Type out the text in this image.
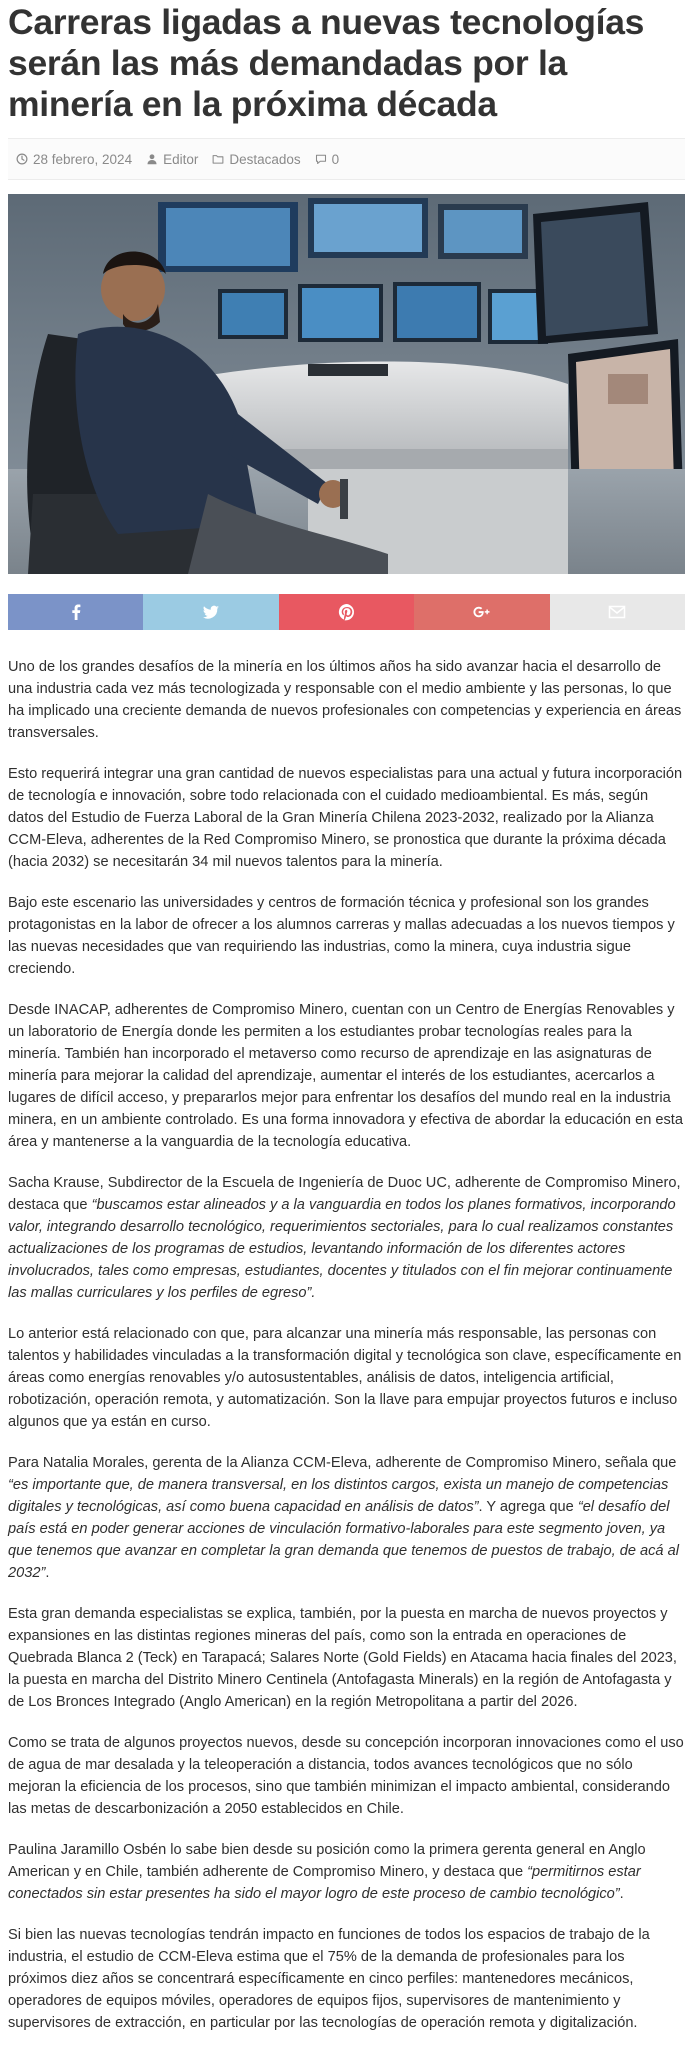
Carreras ligadas a nuevas tecnologías serán las más demandadas por la minería en la próxima década
28 febrero, 2024 Editor Destacados 0

Uno de los grandes desafíos de la minería en los últimos años ha sido avanzar hacia el desarrollo de una industria cada vez más tecnologizada y responsable con el medio ambiente y las personas, lo que ha implicado una creciente demanda de nuevos profesionales con competencias y experiencia en áreas transversales.

Esto requerirá integrar una gran cantidad de nuevos especialistas para una actual y futura incorporación de tecnología e innovación, sobre todo relacionada con el cuidado medioambiental. Es más, según datos del Estudio de Fuerza Laboral de la Gran Minería Chilena 2023-2032, realizado por la Alianza CCM-Eleva, adherentes de la Red Compromiso Minero, se pronostica que durante la próxima década (hacia 2032) se necesitarán 34 mil nuevos talentos para la minería.

Bajo este escenario las universidades y centros de formación técnica y profesional son los grandes protagonistas en la labor de ofrecer a los alumnos carreras y mallas adecuadas a los nuevos tiempos y las nuevas necesidades que van requiriendo las industrias, como la minera, cuya industria sigue creciendo.

Desde INACAP, adherentes de Compromiso Minero, cuentan con un Centro de Energías Renovables y un laboratorio de Energía donde les permiten a los estudiantes probar tecnologías reales para la minería. También han incorporado el metaverso como recurso de aprendizaje en las asignaturas de minería para mejorar la calidad del aprendizaje, aumentar el interés de los estudiantes, acercarlos a lugares de difícil acceso, y prepararlos mejor para enfrentar los desafíos del mundo real en la industria minera, en un ambiente controlado. Es una forma innovadora y efectiva de abordar la educación en esta área y mantenerse a la vanguardia de la tecnología educativa.

Sacha Krause, Subdirector de la Escuela de Ingeniería de Duoc UC, adherente de Compromiso Minero, destaca que “buscamos estar alineados y a la vanguardia en todos los planes formativos, incorporando valor, integrando desarrollo tecnológico, requerimientos sectoriales, para lo cual realizamos constantes actualizaciones de los programas de estudios, levantando información de los diferentes actores involucrados, tales como empresas, estudiantes, docentes y titulados con el fin mejorar continuamente las mallas curriculares y los perfiles de egreso”.

Lo anterior está relacionado con que, para alcanzar una minería más responsable, las personas con talentos y habilidades vinculadas a la transformación digital y tecnológica son clave, específicamente en áreas como energías renovables y/o autosustentables, análisis de datos, inteligencia artificial, robotización, operación remota, y automatización. Son la llave para empujar proyectos futuros e incluso algunos que ya están en curso.

Para Natalia Morales, gerenta de la Alianza CCM-Eleva, adherente de Compromiso Minero, señala que “es importante que, de manera transversal, en los distintos cargos, exista un manejo de competencias digitales y tecnológicas, así como buena capacidad en análisis de datos”. Y agrega que “el desafío del país está en poder generar acciones de vinculación formativo-laborales para este segmento joven, ya que tenemos que avanzar en completar la gran demanda que tenemos de puestos de trabajo, de acá al 2032”.

Esta gran demanda especialistas se explica, también, por la puesta en marcha de nuevos proyectos y expansiones en las distintas regiones mineras del país, como son la entrada en operaciones de Quebrada Blanca 2 (Teck) en Tarapacá; Salares Norte (Gold Fields) en Atacama hacia finales del 2023, la puesta en marcha del Distrito Minero Centinela (Antofagasta Minerals) en la región de Antofagasta y de Los Bronces Integrado (Anglo American) en la región Metropolitana a partir del 2026.

Como se trata de algunos proyectos nuevos, desde su concepción incorporan innovaciones como el uso de agua de mar desalada y la teleoperación a distancia, todos avances tecnológicos que no sólo mejoran la eficiencia de los procesos, sino que también minimizan el impacto ambiental, considerando las metas de descarbonización a 2050 establecidos en Chile.

Paulina Jaramillo Osbén lo sabe bien desde su posición como la primera gerenta general en Anglo American y en Chile, también adherente de Compromiso Minero, y destaca que “permitirnos estar conectados sin estar presentes ha sido el mayor logro de este proceso de cambio tecnológico”.

Si bien las nuevas tecnologías tendrán impacto en funciones de todos los espacios de trabajo de la industria, el estudio de CCM-Eleva estima que el 75% de la demanda de profesionales para los próximos diez años se concentrará específicamente en cinco perfiles: mantenedores mecánicos, operadores de equipos móviles, operadores de equipos fijos, supervisores de mantenimiento y supervisores de extracción, en particular por las tecnologías de operación remota y digitalización.
